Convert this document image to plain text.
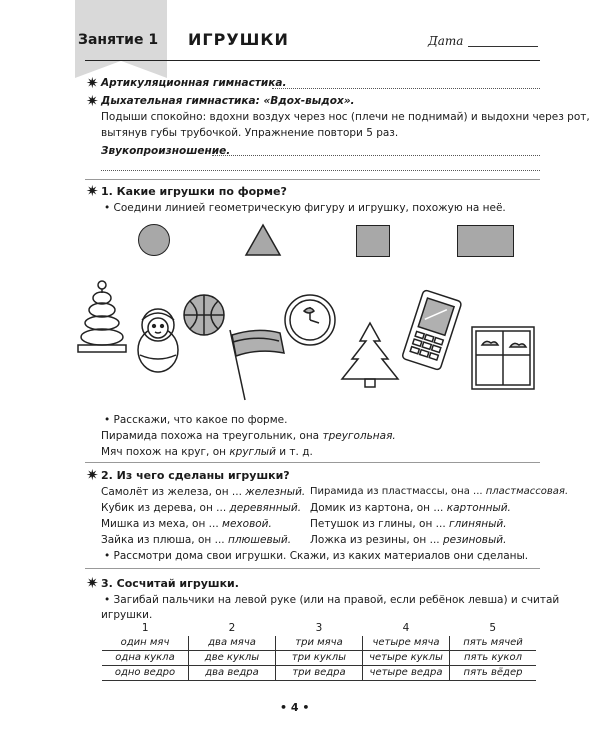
Занятие 1 ИГРУШКИ	Дата
✷ Артикуляционная гимнастика.
✷ Дыхательная гимнастика: «Вдох-выдох».
Подыши спокойно: вдохни воздух через нос (плечи не поднимай) и выдохни через рот,
вытянув губы трубочкой. Упражнение повтори 5 раз.
Звукопроизношение.
✷ 1. Какие игрушки по форме?
• Соедини линией геометрическую фигуру и игрушку, похожую на неё.
• Расскажи, что какое по форме.
Пирамида похожа на треугольник, она треугольная.
Мяч похож на круг, он круглый и т. д.
✷ 2. Из чего сделаны игрушки?
Самолёт из железа, он ... железный.
Кубик из дерева, он ... деревянный.
Мишка из меха, он ... меховой.
Зайка из плюша, он ... плюшевый.
Пирамида из пластмассы, она ... пластмассовая.
Домик из картона, он ... картонный.
Петушок из глины, он ... глиняный.
Ложка из резины, он ... резиновый.
• Рассмотри дома свои игрушки. Скажи, из каких материалов они сделаны.
✷ 3. Сосчитай игрушки.
• Загибай пальчики на левой руке (или на правой, если ребёнок левша) и считай
игрушки.
1	2	3	4	5
один мяч	два мяча	три мяча	четыре мяча	пять мячей
одна кукла	две куклы	три куклы	четыре куклы	пять кукол
одно ведро	два ведра	три ведра	четыре ведра	пять вёдер
• 4 •
